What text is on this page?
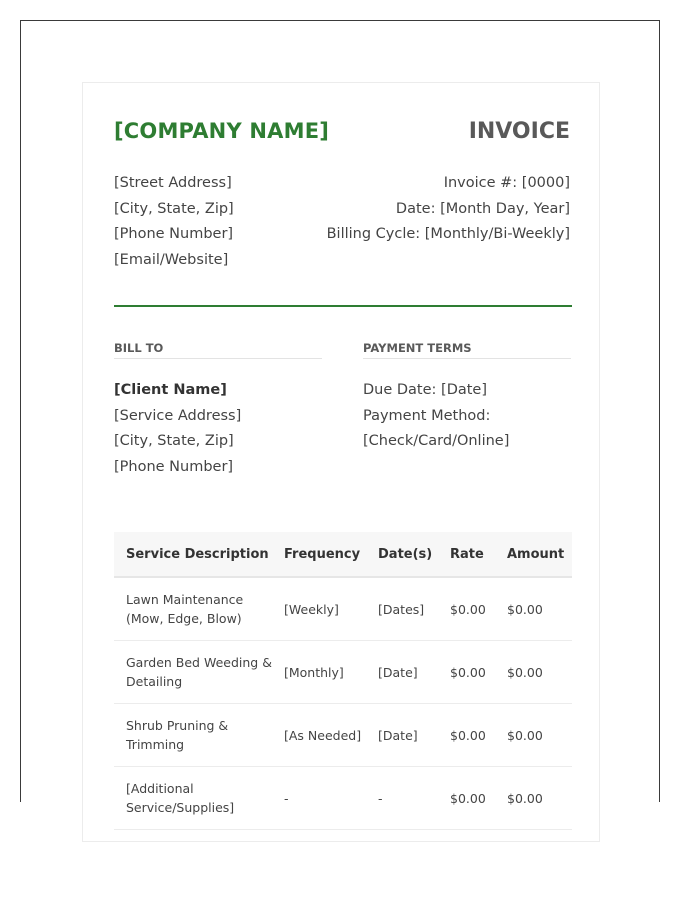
[COMPANY NAME]	INVOICE
[Street Address]
[City, State, Zip]
[Phone Number]
[Email/Website]
Invoice #: [0000]
Date: [Month Day, Year]
Billing Cycle: [Monthly/Bi-Weekly]
BILL TO
[Client Name]
[Service Address]
[City, State, Zip]
[Phone Number]
PAYMENT TERMS
Due Date: [Date]
Payment Method:
[Check/Card/Online]
Service Description	Frequency	Date(s)	Rate	Amount
Lawn Maintenance (Mow, Edge, Blow)	[Weekly]	[Dates]	$0.00	$0.00
Garden Bed Weeding & Detailing	[Monthly]	[Date]	$0.00	$0.00
Shrub Pruning & Trimming	[As Needed]	[Date]	$0.00	$0.00
[Additional Service/Supplies]	-	-	$0.00	$0.00
